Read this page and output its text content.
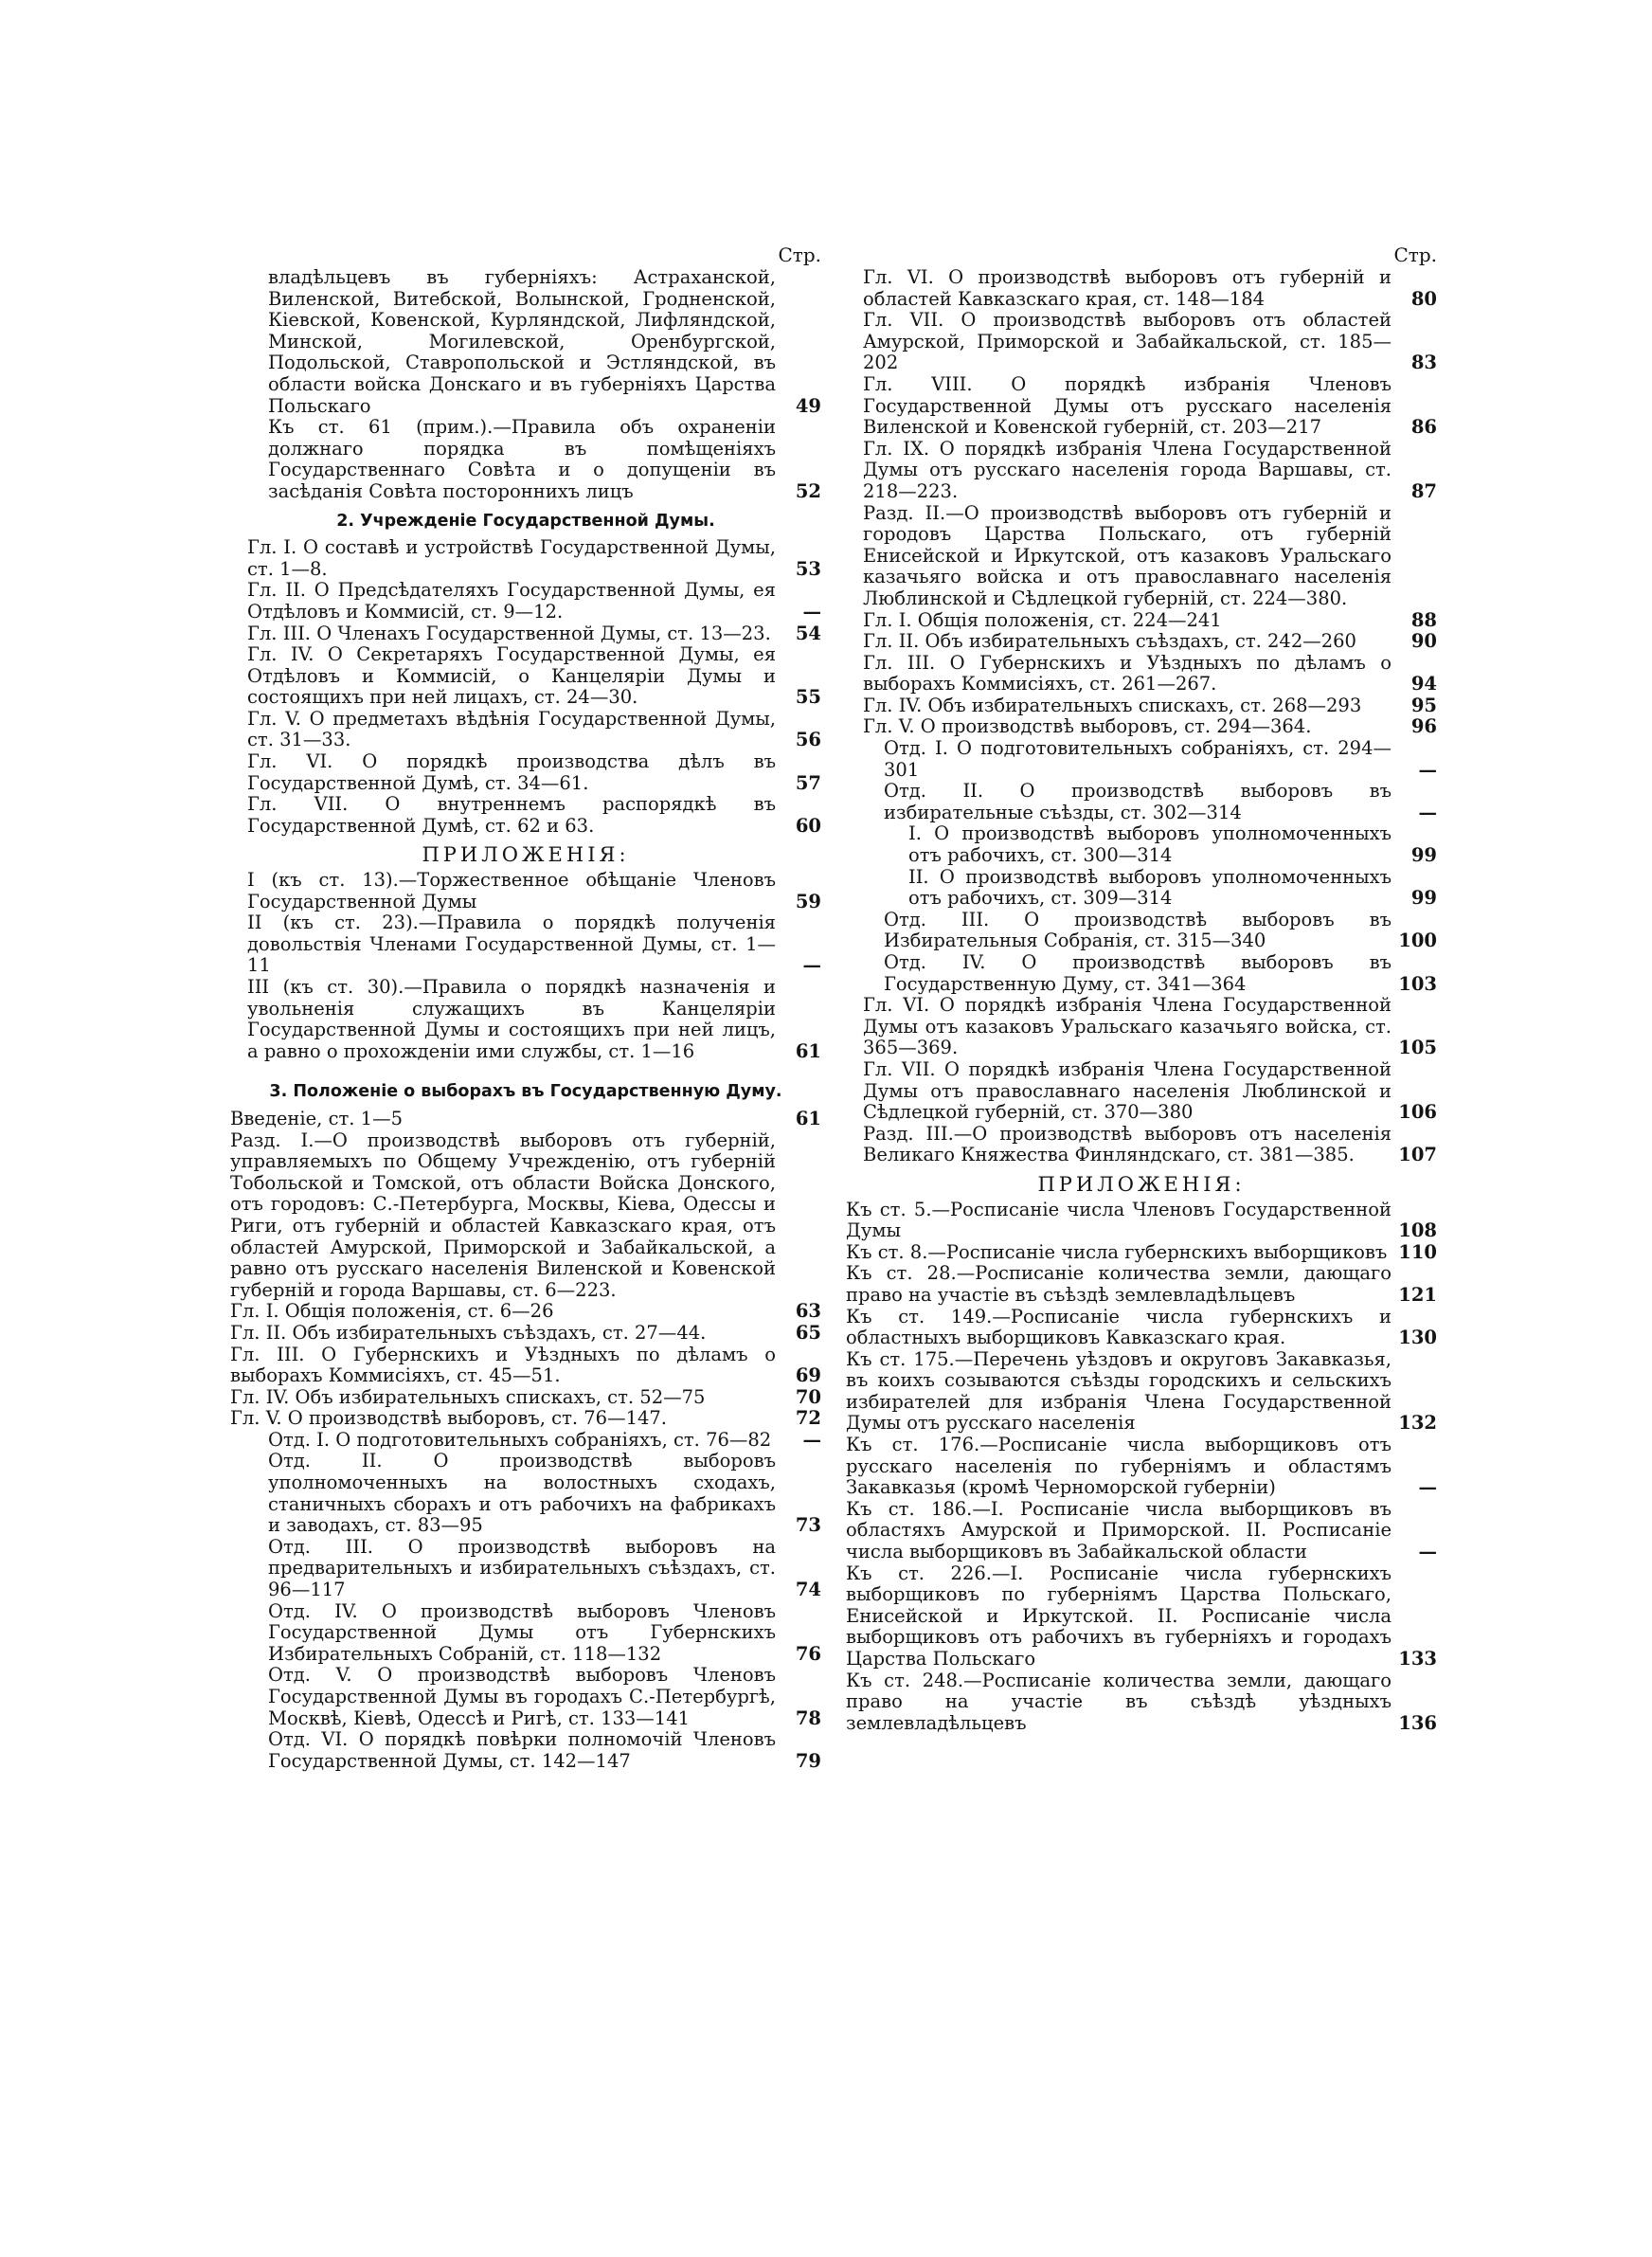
Стр.
владѣльцевъ въ губерніяхъ: Астраханской, Виленской, Витебской, Волынской, Гродненской, Кіевской, Ковенской, Курляндской, Лифляндской, Минской, Могилевской, Оренбургской, Подольской, Ставропольской и Эстляндской, въ области войска Донскаго и въ губерніяхъ Царства Польскаго	49
Къ ст. 61 (прим.).—Правила объ охраненіи должнаго порядка въ помѣщеніяхъ Государственнаго Совѣта и о допущеніи въ засѣданія Совѣта постороннихъ лицъ	52
2. Учрежденіе Государственной Думы.
Гл. I. О составѣ и устройствѣ Государственной Думы, ст. 1—8.	53
Гл. II. О Предсѣдателяхъ Государственной Думы, ея Отдѣловъ и Коммисій, ст. 9—12.	—
Гл. III. О Членахъ Государственной Думы, ст. 13—23.	54
Гл. IV. О Секретаряхъ Государственной Думы, ея Отдѣловъ и Коммисій, о Канцеляріи Думы и состоящихъ при ней лицахъ, ст. 24—30.	55
Гл. V. О предметахъ вѣдѣнія Государственной Думы, ст. 31—33.	56
Гл. VI. О порядкѣ производства дѣлъ въ Государственной Думѣ, ст. 34—61.	57
Гл. VII. О внутреннемъ распорядкѣ въ Государственной Думѣ, ст. 62 и 63.	60
ПРИЛОЖЕНІЯ:
I (къ ст. 13).—Торжественное обѣщаніе Членовъ Государственной Думы	59
II (къ ст. 23).—Правила о порядкѣ полученія довольствія Членами Государственной Думы, ст. 1—11	—
III (къ ст. 30).—Правила о порядкѣ назначенія и увольненія служащихъ въ Канцеляріи Государственной Думы и состоящихъ при ней лицъ, а равно о прохожденіи ими службы, ст. 1—16	61
3. Положеніе о выборахъ въ Государственную Думу.
Введеніе, ст. 1—5	61
Разд. I.—О производствѣ выборовъ отъ губерній, управляемыхъ по Общему Учрежденію, отъ губерній Тобольской и Томской, отъ области Войска Донского, отъ городовъ: С.-Петербурга, Москвы, Кіева, Одессы и Риги, отъ губерній и областей Кавказскаго края, отъ областей Амурской, Приморской и Забайкальской, а равно отъ русскаго населенія Виленской и Ковенской губерній и города Варшавы, ст. 6—223.
Гл. I. Общія положенія, ст. 6—26	63
Гл. II. Объ избирательныхъ съѣздахъ, ст. 27—44.	65
Гл. III. О Губернскихъ и Уѣздныхъ по дѣламъ о выборахъ Коммисіяхъ, ст. 45—51.	69
Гл. IV. Объ избирательныхъ спискахъ, ст. 52—75	70
Гл. V. О производствѣ выборовъ, ст. 76—147.	72
Отд. I. О подготовительныхъ собраніяхъ, ст. 76—82	—
Отд. II. О производствѣ выборовъ уполномоченныхъ на волостныхъ сходахъ, станичныхъ сборахъ и отъ рабочихъ на фабрикахъ и заводахъ, ст. 83—95	73
Отд. III. О производствѣ выборовъ на предварительныхъ и избирательныхъ съѣздахъ, ст. 96—117	74
Отд. IV. О производствѣ выборовъ Членовъ Государственной Думы отъ Губернскихъ Избирательныхъ Собраній, ст. 118—132	76
Отд. V. О производствѣ выборовъ Членовъ Государственной Думы въ городахъ С.-Петербургѣ, Москвѣ, Кіевѣ, Одессѣ и Ригѣ, ст. 133—141	78
Отд. VI. О порядкѣ повѣрки полномочій Членовъ Государственной Думы, ст. 142—147	79
Стр.
Гл. VI. О производствѣ выборовъ отъ губерній и областей Кавказскаго края, ст. 148—184	80
Гл. VII. О производствѣ выборовъ отъ областей Амурской, Приморской и Забайкальской, ст. 185—202	83
Гл. VIII. О порядкѣ избранія Членовъ Государственной Думы отъ русскаго населенія Виленской и Ковенской губерній, ст. 203—217	86
Гл. IX. О порядкѣ избранія Члена Государственной Думы отъ русскаго населенія города Варшавы, ст. 218—223.	87
Разд. II.—О производствѣ выборовъ отъ губерній и городовъ Царства Польскаго, отъ губерній Енисейской и Иркутской, отъ казаковъ Уральскаго казачьяго войска и отъ православнаго населенія Люблинской и Сѣдлецкой губерній, ст. 224—380.
Гл. I. Общія положенія, ст. 224—241	88
Гл. II. Объ избирательныхъ съѣздахъ, ст. 242—260	90
Гл. III. О Губернскихъ и Уѣздныхъ по дѣламъ о выборахъ Коммисіяхъ, ст. 261—267.	94
Гл. IV. Объ избирательныхъ спискахъ, ст. 268—293	95
Гл. V. О производствѣ выборовъ, ст. 294—364.	96
Отд. I. О подготовительныхъ собраніяхъ, ст. 294—301	—
Отд. II. О производствѣ выборовъ въ избирательные съѣзды, ст. 302—314	—
I. О производствѣ выборовъ уполномоченныхъ отъ рабочихъ, ст. 300—314	99
II. О производствѣ выборовъ уполномоченныхъ отъ рабочихъ, ст. 309—314	99
Отд. III. О производствѣ выборовъ въ Избирательныя Собранія, ст. 315—340	100
Отд. IV. О производствѣ выборовъ въ Государственную Думу, ст. 341—364	103
Гл. VI. О порядкѣ избранія Члена Государственной Думы отъ казаковъ Уральскаго казачьяго войска, ст. 365—369.	105
Гл. VII. О порядкѣ избранія Члена Государственной Думы отъ православнаго населенія Люблинской и Сѣдлецкой губерній, ст. 370—380	106
Разд. III.—О производствѣ выборовъ отъ населенія Великаго Княжества Финляндскаго, ст. 381—385.	107
ПРИЛОЖЕНІЯ:
Къ ст. 5.—Росписаніе числа Членовъ Государственной Думы	108
Къ ст. 8.—Росписаніе числа губернскихъ выборщиковъ 110
Къ ст. 28.—Росписаніе количества земли, дающаго право на участіе въ съѣздѣ землевладѣльцевъ	121
Къ ст. 149.—Росписаніе числа губернскихъ и областныхъ выборщиковъ Кавказскаго края.	130
Къ ст. 175.—Перечень уѣздовъ и округовъ Закавказья, въ коихъ созываются съѣзды городскихъ и сельскихъ избирателей для избранія Члена Государственной Думы отъ русскаго населенія	132
Къ ст. 176.—Росписаніе числа выборщиковъ отъ русскаго населенія по губерніямъ и областямъ Закавказья (кромѣ Черноморской губерніи)	—
Къ ст. 186.—I. Росписаніе числа выборщиковъ въ областяхъ Амурской и Приморской. II. Росписаніе числа выборщиковъ въ Забайкальской области	—
Къ ст. 226.—I. Росписаніе числа губернскихъ выборщиковъ по губерніямъ Царства Польскаго, Енисейской и Иркутской. II. Росписаніе числа выборщиковъ отъ рабочихъ въ губерніяхъ и городахъ Царства Польскаго	133
Къ ст. 248.—Росписаніе количества земли, дающаго право на участіе въ съѣздѣ уѣздныхъ землевладѣльцевъ	136
